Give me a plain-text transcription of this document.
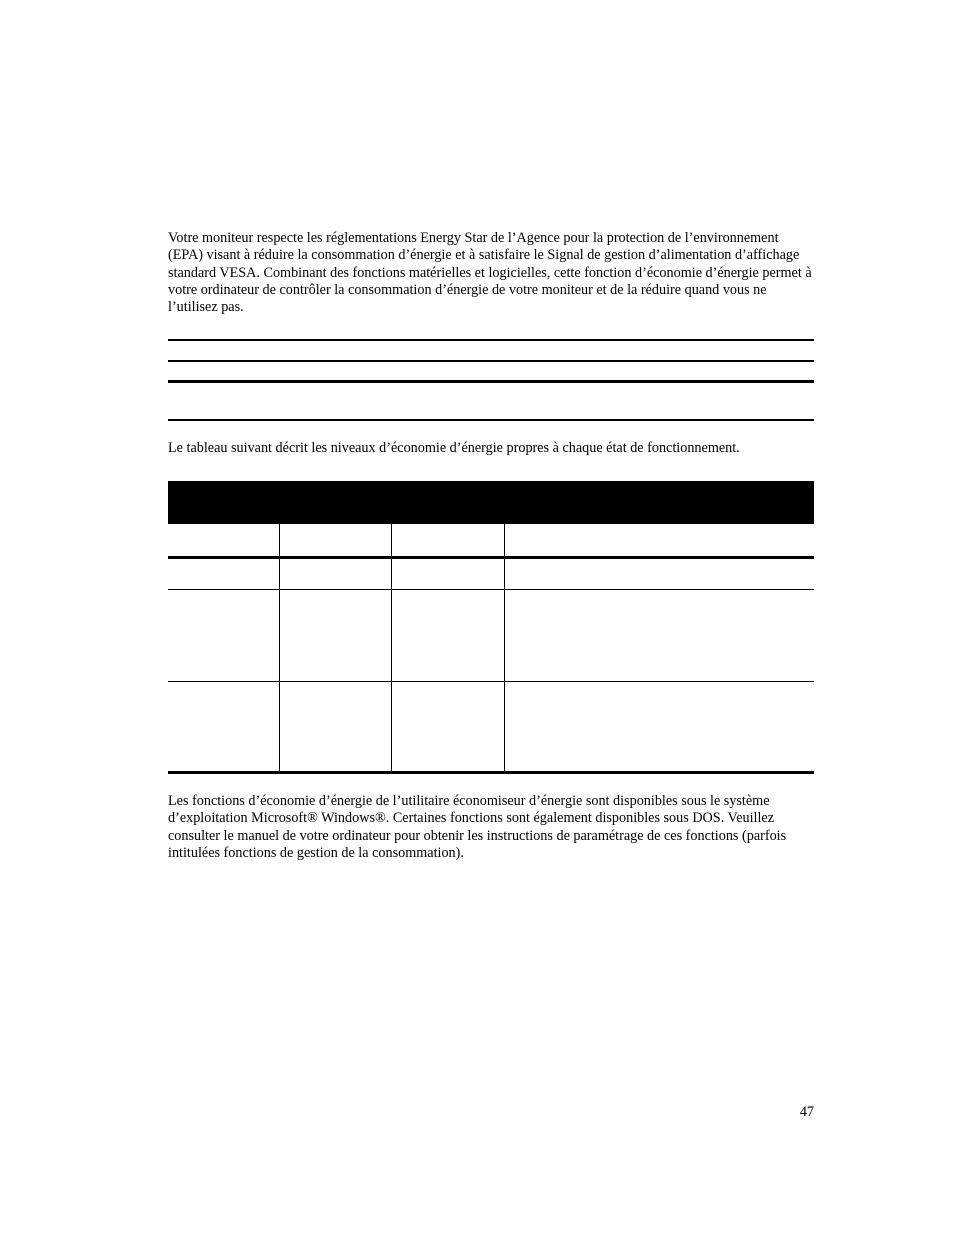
Votre moniteur respecte les réglementations Energy Star de l’Agence pour la protection de l’environnement (EPA) visant à réduire la consommation d’énergie et à satisfaire le Signal de gestion d’alimentation d’affichage standard VESA. Combinant des fonctions matérielles et logicielles, cette fonction d’économie d’énergie permet à votre ordinateur de contrôler la consommation d’énergie de votre moniteur et de la réduire quand vous ne l’utilisez pas.

Le tableau suivant décrit les niveaux d’économie d’énergie propres à chaque état de fonctionnement.

Les fonctions d’économie d’énergie de l’utilitaire économiseur d’énergie sont disponibles sous le système d’exploitation Microsoft® Windows®. Certaines fonctions sont également disponibles sous DOS. Veuillez consulter le manuel de votre ordinateur pour obtenir les instructions de paramétrage de ces fonctions (parfois intitulées fonctions de gestion de la consommation).

47
